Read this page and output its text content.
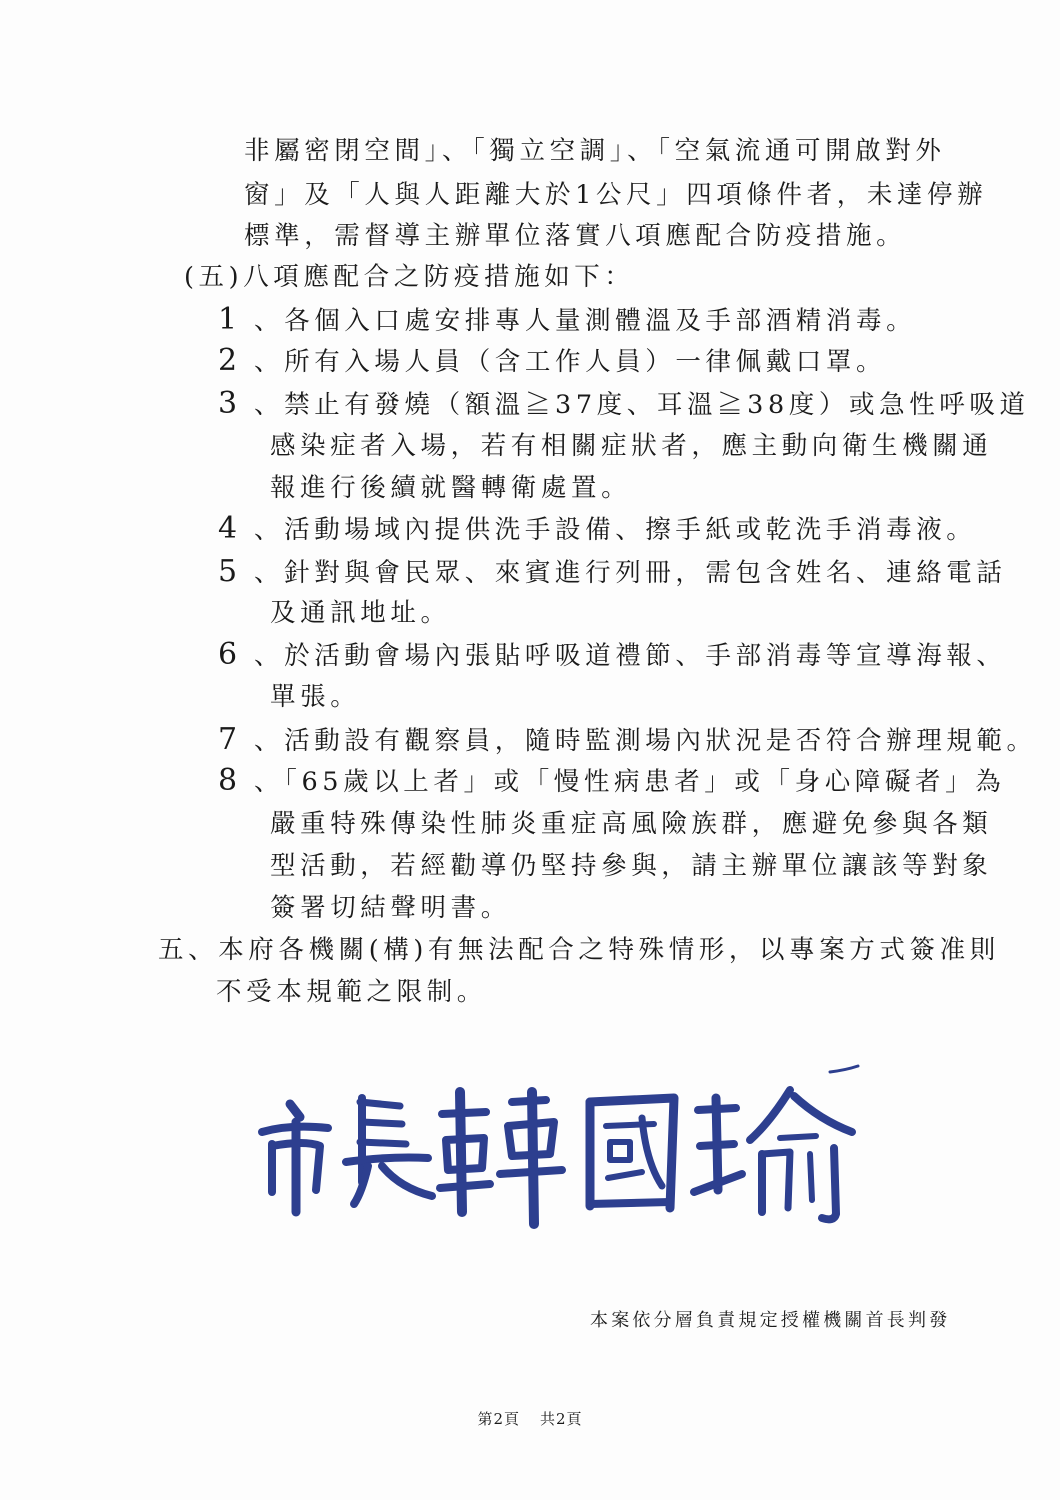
非屬密閉空間」、「獨立空調」、「空氣流通可開啟對外
窗」及「人與人距離大於1公尺」四項條件者，未達停辦
標準，需督導主辦單位落實八項應配合防疫措施。
(五)八項應配合之防疫措施如下：
1 、各個入口處安排專人量測體溫及手部酒精消毒。
2 、所有入場人員（含工作人員）一律佩戴口罩。
3 、禁止有發燒（額溫≧37度、耳溫≧38度）或急性呼吸道
感染症者入場，若有相關症狀者，應主動向衛生機關通
報進行後續就醫轉衛處置。
4 、活動場域內提供洗手設備、擦手紙或乾洗手消毒液。
5 、針對與會民眾、來賓進行列冊，需包含姓名、連絡電話
及通訊地址。
6 、於活動會場內張貼呼吸道禮節、手部消毒等宣導海報、
單張。
7 、活動設有觀察員，隨時監測場內狀況是否符合辦理規範。
8 、「65歲以上者」或「慢性病患者」或「身心障礙者」為
嚴重特殊傳染性肺炎重症高風險族群，應避免參與各類
型活動，若經勸導仍堅持參與，請主辦單位讓該等對象
簽署切結聲明書。
五、本府各機關(構)有無法配合之特殊情形，以專案方式簽准則
不受本規範之限制。
本案依分層負責規定授權機關首長判發
第2頁 共2頁
